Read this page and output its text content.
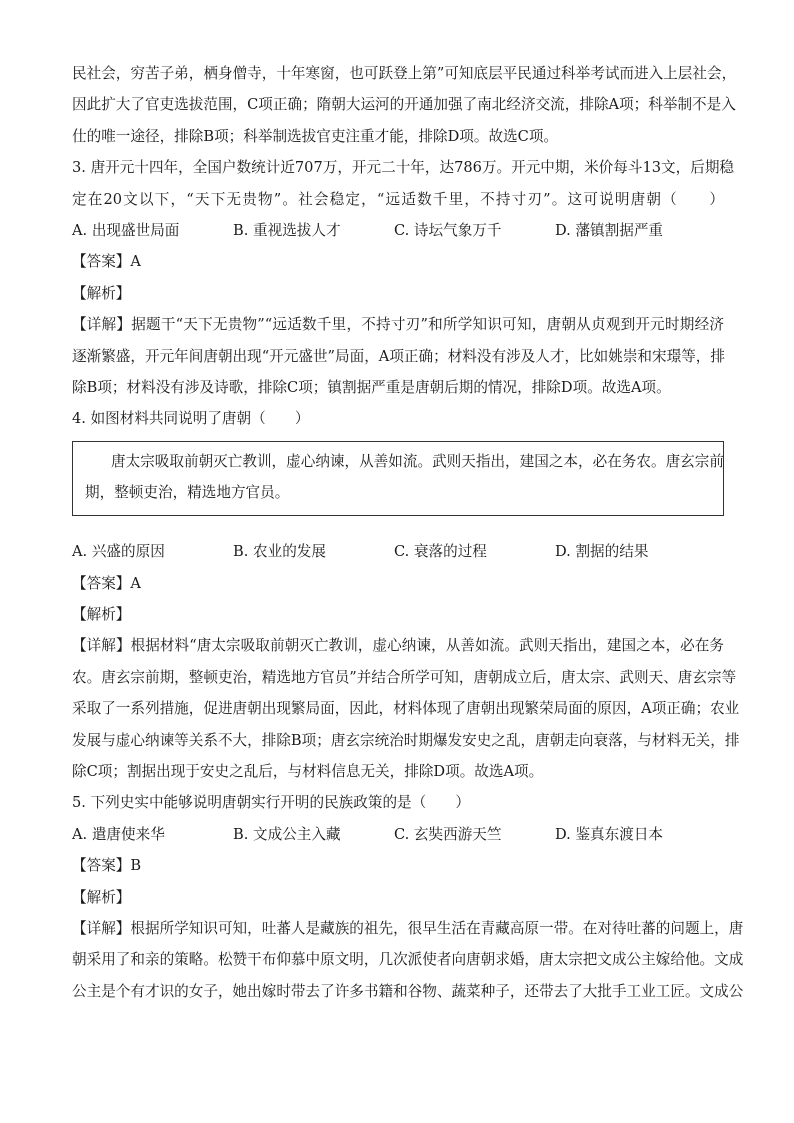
民社会，穷苦子弟，栖身僧寺，十年寒窗，也可跃登上第”可知底层平民通过科举考试而进入上层社会，
因此扩大了官吏选拔范围，C项正确；隋朝大运河的开通加强了南北经济交流，排除A项；科举制不是入
仕的唯一途径，排除B项；科举制选拔官吏注重才能，排除D项。故选C项。
3. 唐开元十四年，全国户数统计近707万，开元二十年，达786万。开元中期，米价每斗13文，后期稳
定在20文以下，“天下无贵物”。社会稳定，“远适数千里，不持寸刃”。这可说明唐朝（　　）
A. 出现盛世局面	B. 重视选拔人才	C. 诗坛气象万千	D. 藩镇割据严重
【答案】A
【解析】
【详解】据题干“天下无贵物”“远适数千里，不持寸刃”和所学知识可知，唐朝从贞观到开元时期经济
逐渐繁盛，开元年间唐朝出现“开元盛世”局面，A项正确；材料没有涉及人才，比如姚崇和宋璟等，排
除B项；材料没有涉及诗歌，排除C项；镇割据严重是唐朝后期的情况，排除D项。故选A项。
4. 如图材料共同说明了唐朝（　　）
唐太宗吸取前朝灭亡教训，虚心纳谏，从善如流。武则天指出，建国之本，必在务农。唐玄宗前
期，整顿吏治，精选地方官员。
A. 兴盛的原因	B. 农业的发展	C. 衰落的过程	D. 割据的结果
【答案】A
【解析】
【详解】根据材料“唐太宗吸取前朝灭亡教训，虚心纳谏，从善如流。武则天指出，建国之本，必在务
农。唐玄宗前期，整顿吏治，精选地方官员”并结合所学可知，唐朝成立后，唐太宗、武则天、唐玄宗等
采取了一系列措施，促进唐朝出现繁局面，因此，材料体现了唐朝出现繁荣局面的原因，A项正确；农业
发展与虚心纳谏等关系不大，排除B项；唐玄宗统治时期爆发安史之乱，唐朝走向衰落，与材料无关，排
除C项；割据出现于安史之乱后，与材料信息无关，排除D项。故选A项。
5. 下列史实中能够说明唐朝实行开明的民族政策的是（　　）
A. 遣唐使来华	B. 文成公主入藏	C. 玄奘西游天竺	D. 鉴真东渡日本
【答案】B
【解析】
【详解】根据所学知识可知，吐蕃人是藏族的祖先，很早生活在青藏高原一带。在对待吐蕃的问题上，唐
朝采用了和亲的策略。松赞干布仰慕中原文明，几次派使者向唐朝求婚，唐太宗把文成公主嫁给他。文成
公主是个有才识的女子，她出嫁时带去了许多书籍和谷物、蔬菜种子，还带去了大批手工业工匠。文成公
